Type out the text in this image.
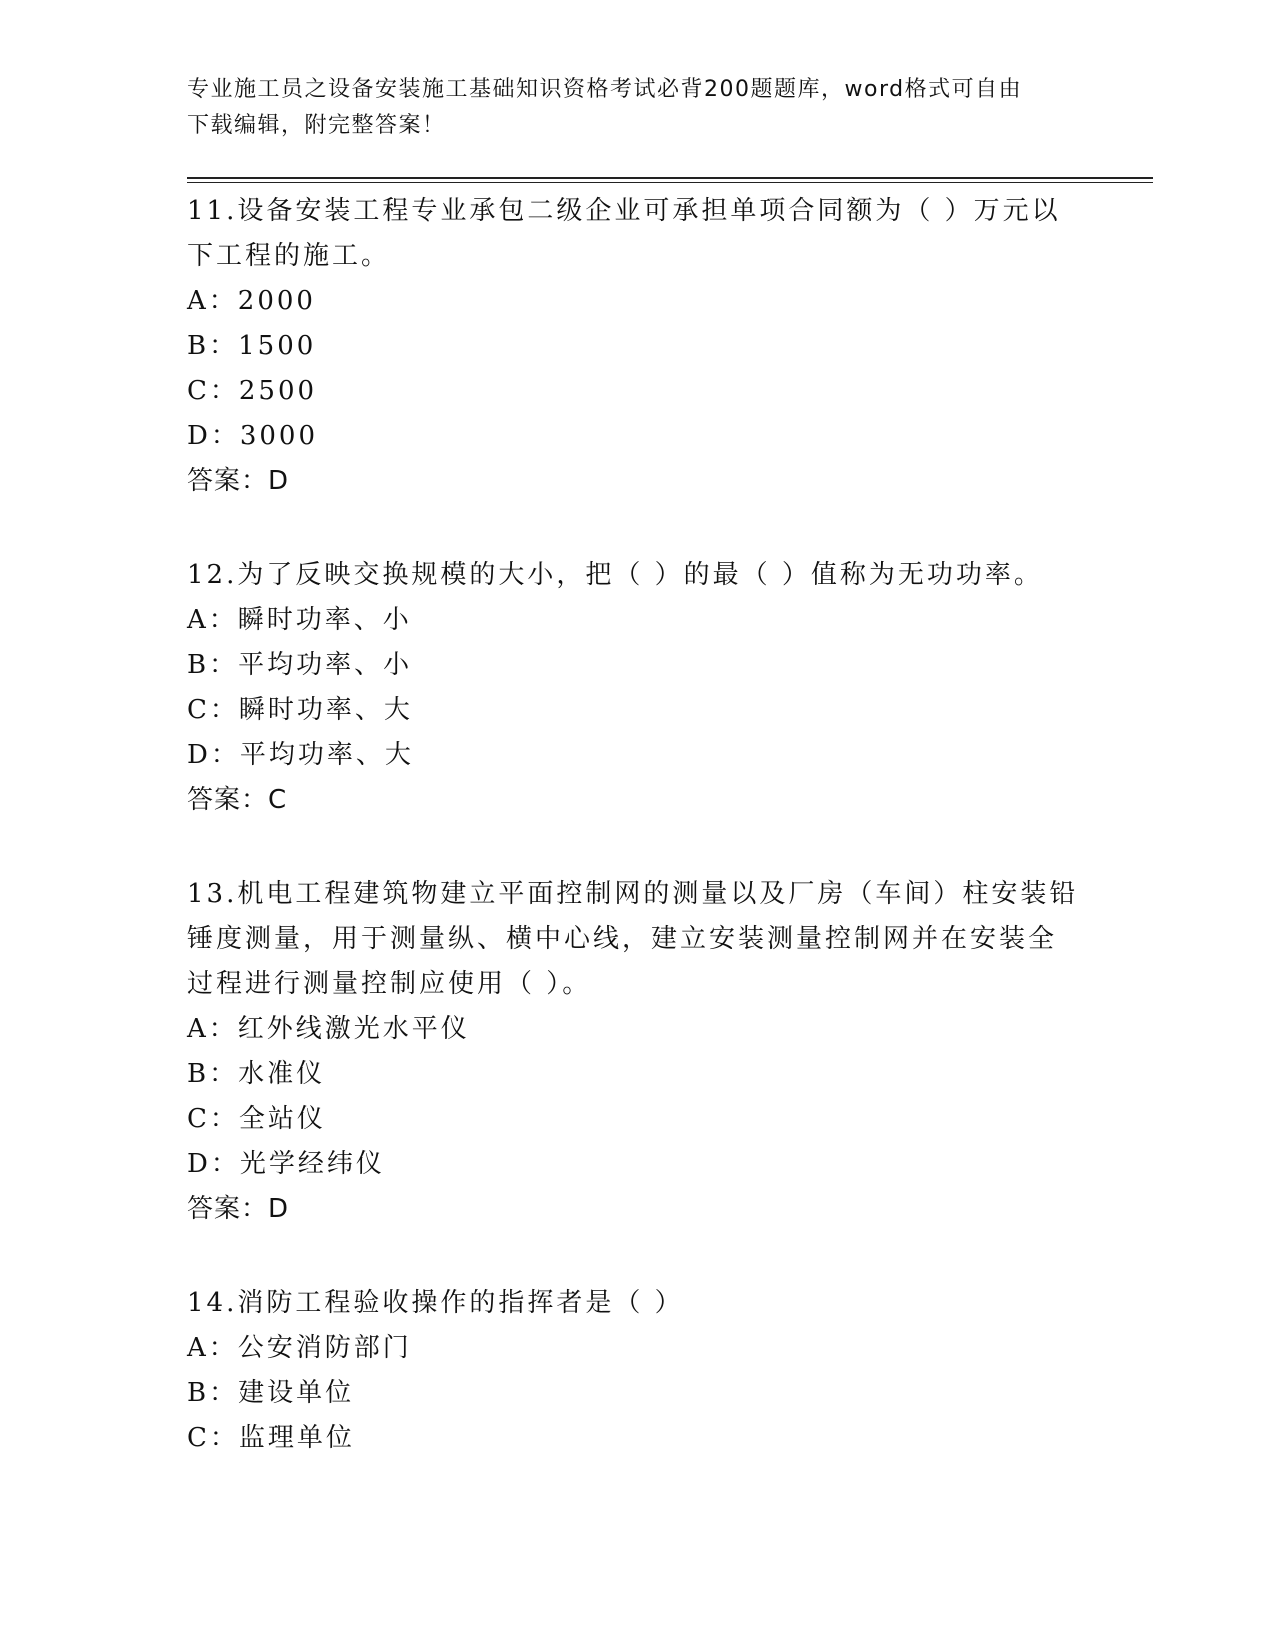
专业施工员之设备安装施工基础知识资格考试必背200题题库，word格式可自由
下载编辑，附完整答案！
11.设备安装工程专业承包二级企业可承担单项合同额为（ ）万元以
下工程的施工。
A：2000
B：1500
C：2500
D：3000
答案：D
12.为了反映交换规模的大小，把（ ）的最（ ）值称为无功功率。
A：瞬时功率、小
B：平均功率、小
C：瞬时功率、大
D：平均功率、大
答案：C
13.机电工程建筑物建立平面控制网的测量以及厂房（车间）柱安装铅
锤度测量，用于测量纵、横中心线，建立安装测量控制网并在安装全
过程进行测量控制应使用（ ）。
A：红外线激光水平仪
B：水准仪
C：全站仪
D：光学经纬仪
答案：D
14.消防工程验收操作的指挥者是（ ）
A：公安消防部门
B：建设单位
C：监理单位
